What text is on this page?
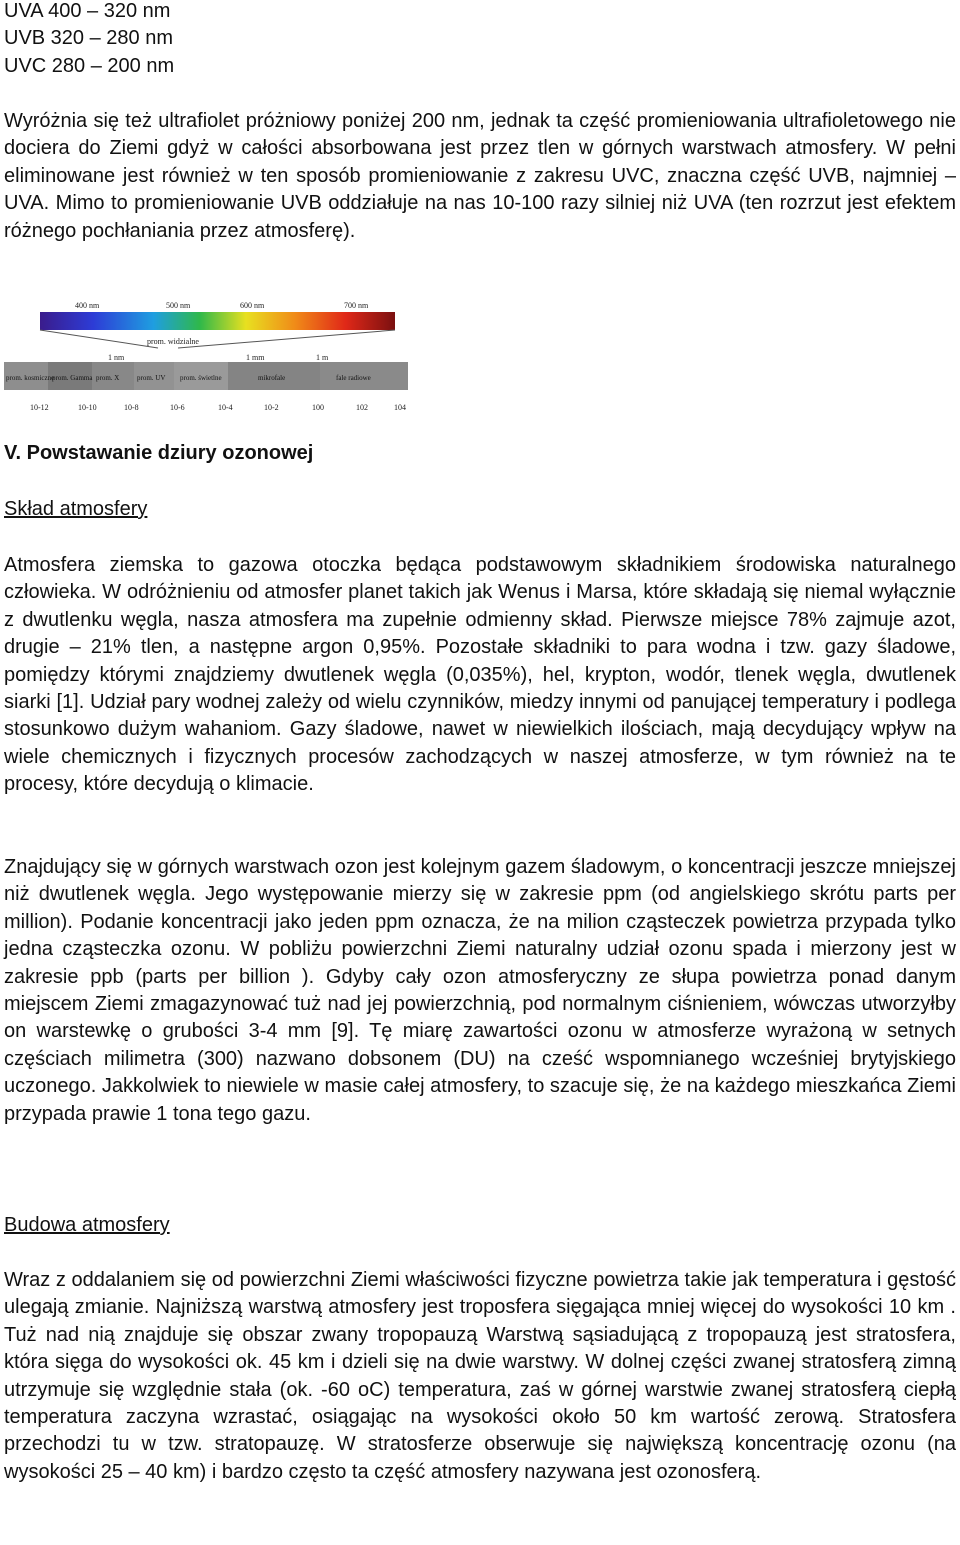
UVA 400 – 320 nm
UVB 320 – 280 nm
UVC 280 – 200 nm

Wyróżnia się też ultrafiolet próżniowy poniżej 200 nm, jednak ta część promieniowania ultrafioletowego nie dociera do Ziemi gdyż w całości absorbowana jest przez tlen w górnych warstwach atmosfery. W pełni eliminowane jest również w ten sposób promieniowanie z zakresu UVC, znaczna część UVB, najmniej – UVA. Mimo to promieniowanie UVB oddziałuje na nas 10-100 razy silniej niż UVA (ten rozrzut jest efektem różnego pochłaniania przez atmosferę).

400 nm	500 nm	600 nm	700 nm
prom. widzialne
1 nm	1 mm	1 m
prom. kosmiczne
prom. Gamma prom. X	prom. UV prom. świetlne	mikrofale	fale radiowe
10-12	10-10	10-8	10-6	10-4	10-2	100	102	104
V. Powstawanie dziury ozonowej
Skład atmosfery

Atmosfera ziemska to gazowa otoczka będąca podstawowym składnikiem środowiska naturalnego człowieka. W odróżnieniu od atmosfer planet takich jak Wenus i Marsa, które składają się niemal wyłącznie z dwutlenku węgla, nasza atmosfera ma zupełnie odmienny skład. Pierwsze miejsce 78% zajmuje azot, drugie – 21% tlen, a następne argon 0,95%. Pozostałe składniki to para wodna i tzw. gazy śladowe, pomiędzy którymi znajdziemy dwutlenek węgla (0,035%), hel, krypton, wodór, tlenek węgla, dwutlenek siarki [1]. Udział pary wodnej zależy od wielu czynników, miedzy innymi od panującej temperatury i podlega stosunkowo dużym wahaniom. Gazy śladowe, nawet w niewielkich ilościach, mają decydujący wpływ na wiele chemicznych i fizycznych procesów zachodzących w naszej atmosferze, w tym również na te procesy, które decydują o klimacie.

Znajdujący się w górnych warstwach ozon jest kolejnym gazem śladowym, o koncentracji jeszcze mniejszej niż dwutlenek węgla. Jego występowanie mierzy się w zakresie ppm (od angielskiego skrótu parts per million). Podanie koncentracji jako jeden ppm oznacza, że na milion cząsteczek powietrza przypada tylko jedna cząsteczka ozonu. W pobliżu powierzchni Ziemi naturalny udział ozonu spada i mierzony jest w zakresie ppb (parts per billion ). Gdyby cały ozon atmosferyczny ze słupa powietrza ponad danym miejscem Ziemi zmagazynować tuż nad jej powierzchnią, pod normalnym ciśnieniem, wówczas utworzyłby on warstewkę o grubości 3-4 mm [9]. Tę miarę zawartości ozonu w atmosferze wyrażoną w setnych częściach milimetra (300) nazwano dobsonem (DU) na cześć wspomnianego wcześniej brytyjskiego uczonego. Jakkolwiek to niewiele w masie całej atmosfery, to szacuje się, że na każdego mieszkańca Ziemi przypada prawie 1 tona tego gazu.

Budowa atmosfery

Wraz z oddalaniem się od powierzchni Ziemi właściwości fizyczne powietrza takie jak temperatura i gęstość ulegają zmianie. Najniższą warstwą atmosfery jest troposfera sięgająca mniej więcej do wysokości 10 km . Tuż nad nią znajduje się obszar zwany tropopauzą Warstwą sąsiadującą z tropopauzą jest stratosfera, która sięga do wysokości ok. 45 km i dzieli się na dwie warstwy. W dolnej części zwanej stratosferą zimną utrzymuje się względnie stała (ok. -60 oC) temperatura, zaś w górnej warstwie zwanej stratosferą ciepłą temperatura zaczyna wzrastać, osiągając na wysokości około 50 km wartość zerową. Stratosfera przechodzi tu w tzw. stratopauzę. W stratosferze obserwuje się największą koncentrację ozonu (na wysokości 25 – 40 km) i bardzo często ta część atmosfery nazywana jest ozonosferą.
